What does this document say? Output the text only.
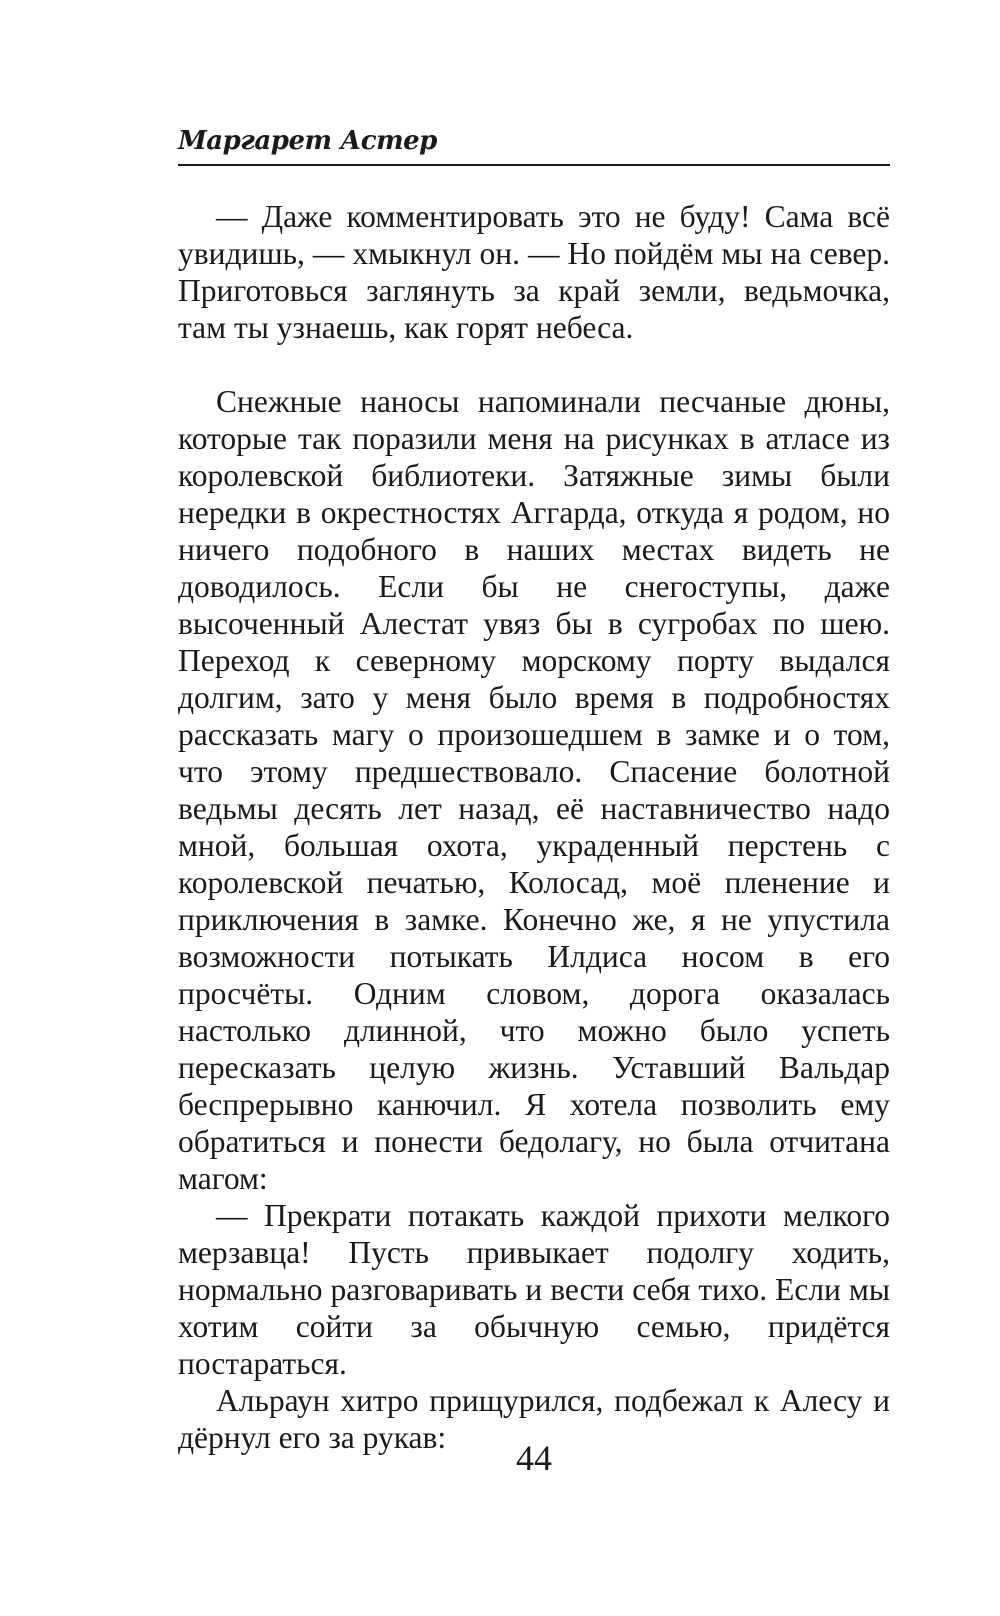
Маргарет Астер

— Даже комментировать это не буду! Сама всё увидишь, — хмыкнул он. — Но пойдём мы на север. Приготовься заглянуть за край земли, ведьмочка, там ты узнаешь, как горят небеса.

Снежные наносы напоминали песчаные дюны, которые так поразили меня на рисунках в атласе из королевской библиотеки. Затяжные зимы были нередки в окрестностях Аггарда, откуда я родом, но ничего подобного в наших местах видеть не доводилось. Если бы не снегоступы, даже высоченный Алестат увяз бы в сугробах по шею. Переход к северному морскому порту выдался долгим, зато у меня было время в подробностях рассказать магу о произошедшем в замке и о том, что этому предшествовало. Спасение болотной ведьмы десять лет назад, её наставничество надо мной, большая охота, украденный перстень с королевской печатью, Колосад, моё пленение и приключения в замке. Конечно же, я не упустила возможности потыкать Илдиса носом в его просчёты. Одним словом, дорога оказалась настолько длинной, что можно было успеть пересказать целую жизнь. Уставший Вальдар беспрерывно канючил. Я хотела позволить ему обратиться и понести бедолагу, но была отчитана магом:

— Прекрати потакать каждой прихоти мелкого мерзавца! Пусть привыкает подолгу ходить, нормально разговаривать и вести себя тихо. Если мы хотим сойти за обычную семью, придётся постараться.

Альраун хитро прищурился, подбежал к Алесу и дёрнул его за рукав:

44
